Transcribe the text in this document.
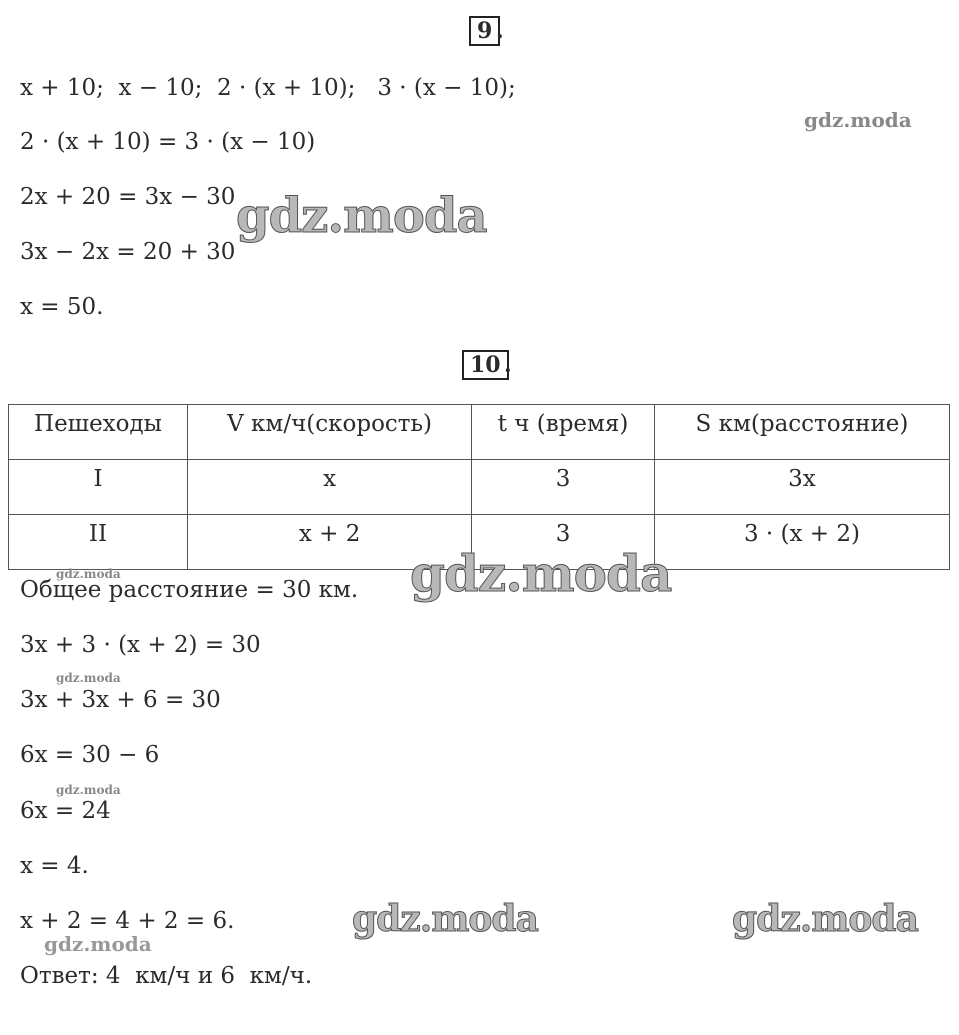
9 .
x + 10;  x − 10;  2 · (x + 10);   3 · (x − 10);
2 · (x + 10) = 3 · (x − 10)
2x + 20 = 3x − 30
3x − 2x = 20 + 30
x = 50.
10 .
Пешеходы	V км/ч(скорость)	t ч (время)	S км(расстояние)
I	x	3	3x
II	x + 2	3	3 · (x + 2)
Общее расстояние = 30 км.
3x + 3 · (x + 2) = 30
3x + 3x + 6 = 30
6x = 30 − 6
6x = 24
x = 4.
x + 2 = 4 + 2 = 6.
Ответ: 4  км/ч и 6  км/ч.
gdz.moda
gdz.moda
gdz.moda
gdz.moda
gdz.moda
gdz.moda
gdz.moda	gdz.moda
gdz.moda
